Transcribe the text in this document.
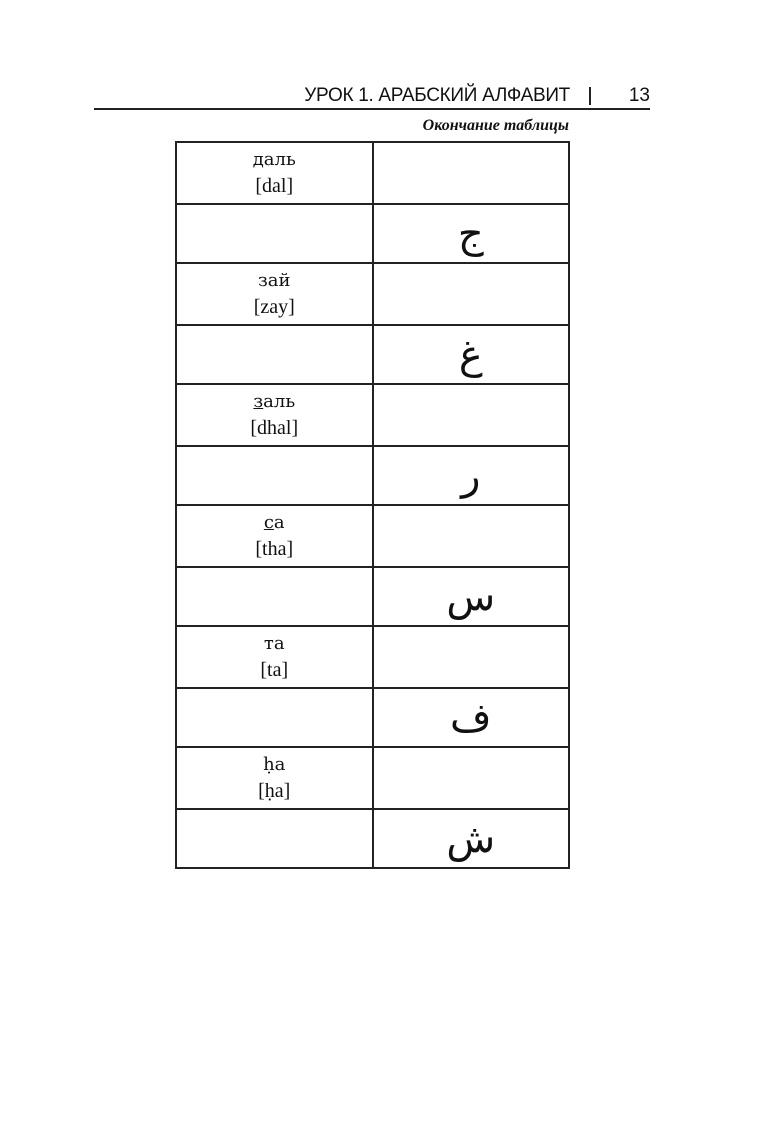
УРОК 1. АРАБСКИЙ АЛФАВИТ	13
Окончание таблицы
даль
[dal]	

	ج

зай
[zay]	

	غ

заль
[dhal]	

	ر

са
[tha]	

	س

та
[ta]	

	ف

ḥa
[ḥa]	

	ش
